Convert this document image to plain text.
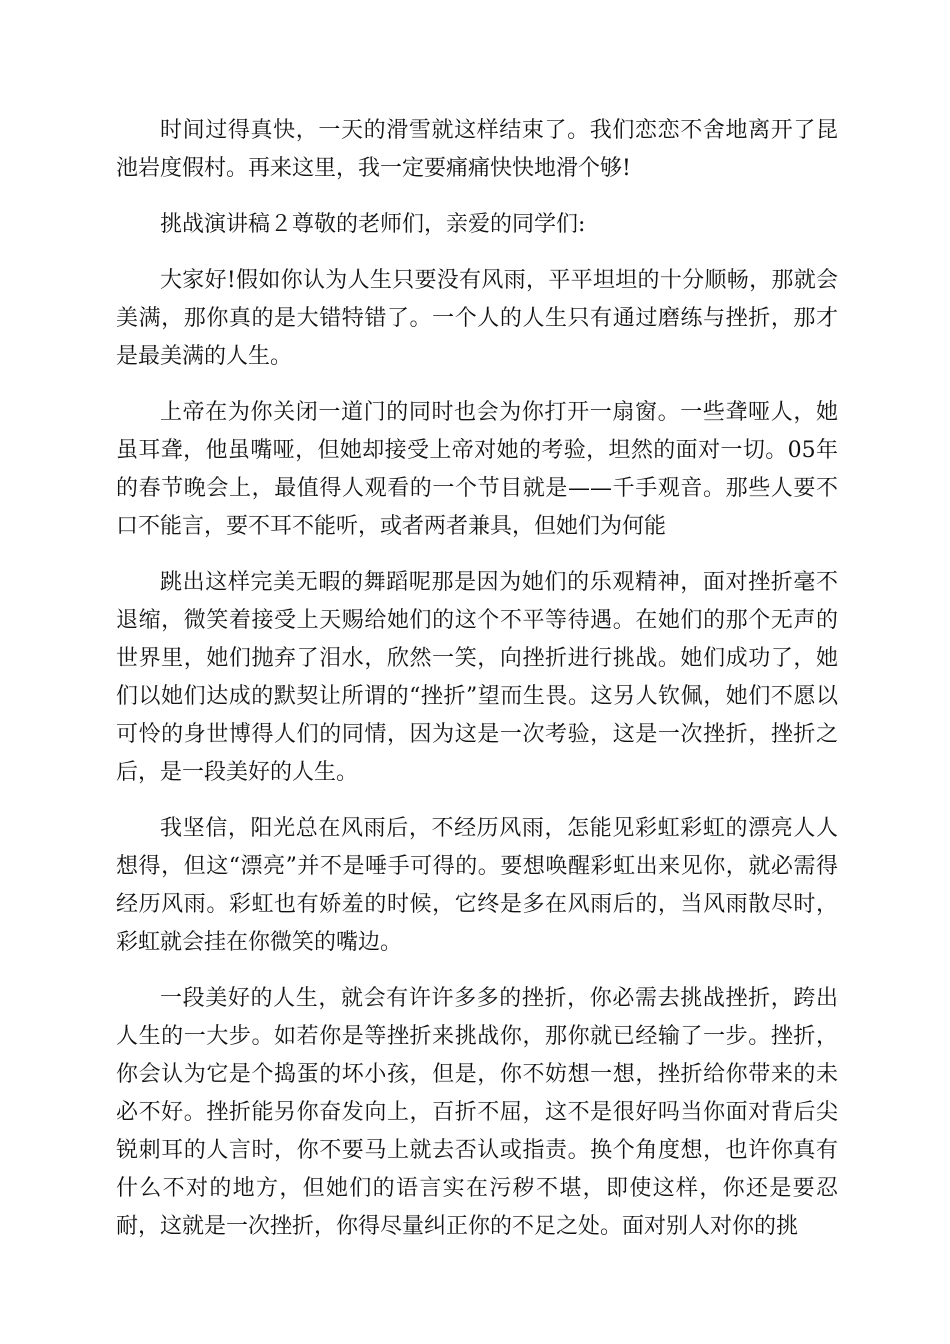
时间过得真快，一天的滑雪就这样结束了。我们恋恋不舍地离开了昆池岩度假村。再来这里，我一定要痛痛快快地滑个够!

挑战演讲稿２尊敬的老师们，亲爱的同学们:

大家好!假如你认为人生只要没有风雨，平平坦坦的十分顺畅，那就会美满，那你真的是大错特错了。一个人的人生只有通过磨练与挫折，那才是最美满的人生。

上帝在为你关闭一道门的同时也会为你打开一扇窗。一些聋哑人，她虽耳聋，他虽嘴哑，但她却接受上帝对她的考验，坦然的面对一切。05年的春节晚会上，最值得人观看的一个节目就是——千手观音。那些人要不口不能言，要不耳不能听，或者两者兼具，但她们为何能

跳出这样完美无暇的舞蹈呢那是因为她们的乐观精神，面对挫折毫不退缩，微笑着接受上天赐给她们的这个不平等待遇。在她们的那个无声的世界里，她们抛弃了泪水，欣然一笑，向挫折进行挑战。她们成功了，她们以她们达成的默契让所谓的“挫折”望而生畏。这另人钦佩，她们不愿以可怜的身世博得人们的同情，因为这是一次考验，这是一次挫折，挫折之后，是一段美好的人生。

我坚信，阳光总在风雨后，不经历风雨，怎能见彩虹彩虹的漂亮人人想得，但这“漂亮”并不是唾手可得的。要想唤醒彩虹出来见你，就必需得经历风雨。彩虹也有娇羞的时候，它终是多在风雨后的，当风雨散尽时，彩虹就会挂在你微笑的嘴边。

一段美好的人生，就会有许许多多的挫折，你必需去挑战挫折，跨出人生的一大步。如若你是等挫折来挑战你，那你就已经输了一步。挫折，你会认为它是个捣蛋的坏小孩，但是，你不妨想一想，挫折给你带来的未必不好。挫折能另你奋发向上，百折不屈，这不是很好吗当你面对背后尖锐刺耳的人言时，你不要马上就去否认或指责。换个角度想，也许你真有什么不对的地方，但她们的语言实在污秽不堪，即使这样，你还是要忍耐，这就是一次挫折，你得尽量纠正你的不足之处。面对别人对你的挑
